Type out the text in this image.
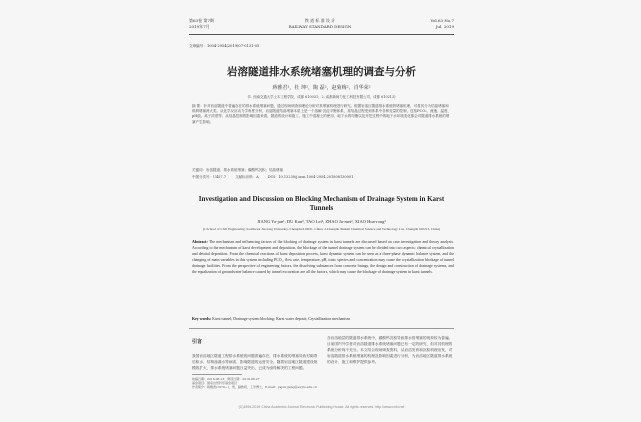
第63卷 第7期
2019年7月
铁 道 标 准 设 计
RAILWAY STANDARD DESIGN
Vol.63 No.7
Jul. 2019
文章编号：1004-2954(2019)07-0131-05
岩溶隧道排水系统堵塞机理的调查与分析
蒋雅君¹，杜 坤²，陶 磊²，赵菊梅²，肖华荣²
(1. 西南交通大学土木工程学院，成都 610031；2. 成都新柯力化工科技有限公司，成都 610213)
摘 要：针对岩溶隧道中普遍存在的排水系统堵塞问题，通过现场调查和理论分析对其堵塞机理进行研究。根据岩溶区隧道排水系统的堵塞机理，可将其分为结晶堵塞和碎屑堵塞两大类。从化学反应动力学角度分析，岩溶隧道结晶堵塞本质上是一个溶解-沉淀平衡体系，其结晶过程受到体系中各种变量的控制，包括PCO₂、流速、温度、pH值、离子浓度等；从结晶控制的影响因素来看，隧道的设计和施工、施工中混凝土的使用、地下水的均衡以及开挖过程中的地下水环境变化都会对隧道排水系统的堵塞产生影响。
关键词：岩溶隧道；排水系统堵塞；碳酸钙沉积；结晶堵塞
中图分类号：U457.7	文献标识码：A	DOI：10.13238/j.issn.1004-2954.201808130001
Investigation and Discussion on Blocking Mechanism of Drainage System in Karst Tunnels
JIANG Ya-jun¹, DU Kun², TAO Lei², ZHAO Ju-mei², XIAO Hua-rong²
(1.School of Civil Engineering, Southwest Jiaotong University, Chengdu 610031, China; 2.Chengdu Xinkeli Chemical Science and Technology Ltd., Chengdu 610213, China)
Abstract: The mechanism and influencing factors of the blocking of drainage system in karst tunnels are discussed based on case investigation and theory analysis. According to the mechanism of karst development and deposition, the blockage of the tunnel drainage system can be divided into two aspects: chemical crystallization and detrital deposition. From the chemical reactions of karst deposition process, karst dynamic system can be seen as a three-phase dynamic balance system, and the changing of main variables in this system including PCO₂, flow rate, temperature, pH, ionic species and concentration may cause the crystallization blockage of tunnel drainage facilities. From the perspective of engineering factors, the dissolving substances from concrete linings, the design and construction of drainage systems, and the equalization of groundwater balance caused by tunnel excavation are all the factors, which may cause the blockage of drainage system in karst tunnels.
Key words: Karst tunnel; Drainage system blocking; Karst water deposit; Crystallization mechanism
引言
我国岩溶地区隧道工程排水系统的问题普遍存在，排水系统的堵塞导致衬砌背后积水、结构渗漏水等病害，影响隧道的运营安全。随着岩溶地区隧道建设规模的扩大，排水系统堵塞问题日益突出，已成为亟待解决的工程问题。
收稿日期：2018-08-13；修回日期：2018-08-27
基金项目：国家自然科学基金项目
作者简介：蒋雅君(1979—)，男，副教授，工学博士，E-mail：yajun.jiang@swjtu.edu.cn
含岩溶地层的隧道排水系统中，碳酸钙沉积导致排水管堵塞的现象较为普遍。目前国内外学者对岩溶隧道排水系统堵塞问题已有一定的研究，但对其机理的系统分析尚不充分。本文结合现场调查资料，从岩溶发育和沉积机理出发，对岩溶隧道排水系统堵塞的机理及影响因素进行分析，为岩溶地区隧道排水系统的设计、施工和维护提供参考。
(C)1994-2019 China Academic Journal Electronic Publishing House. All rights reserved. http://www.cnki.net
